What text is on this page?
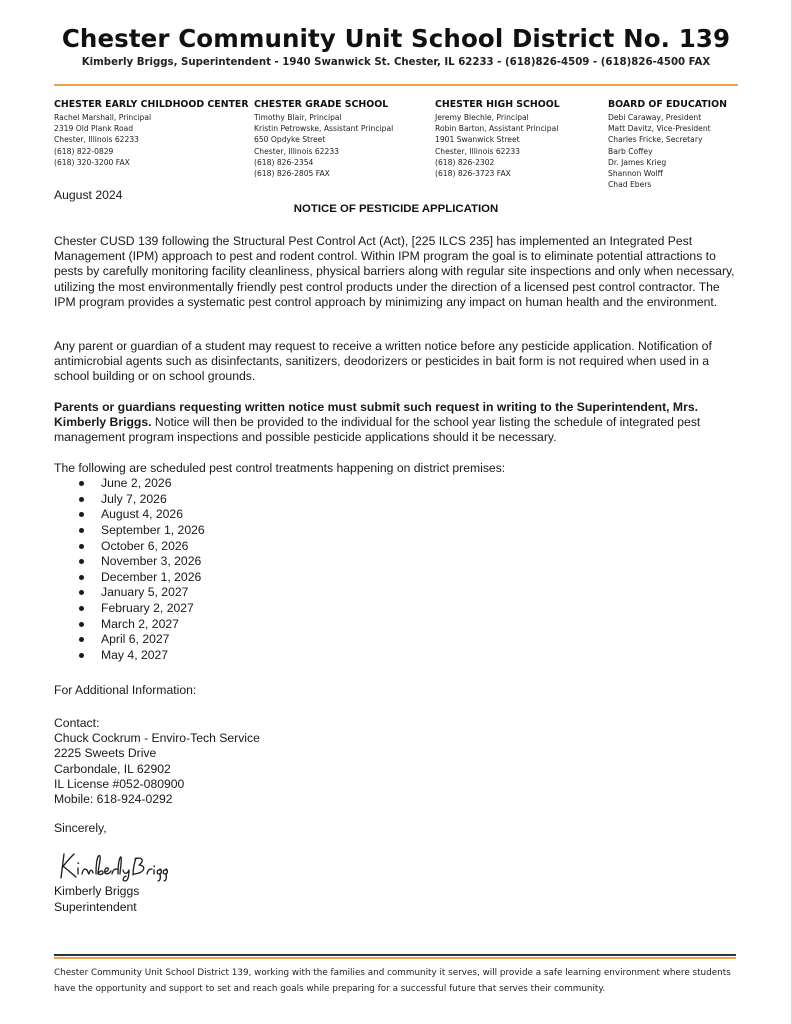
Chester Community Unit School District No. 139
Kimberly Briggs, Superintendent - 1940 Swanwick St. Chester, IL 62233 - (618)826-4509 - (618)826-4500 FAX
CHESTER EARLY CHILDHOOD CENTER
Rachel Marshall, Principal
2319 Old Plank Road
Chester, Illinois 62233
(618) 822-0829
(618) 320-3200 FAX
CHESTER GRADE SCHOOL
Timothy Blair, Principal
Kristin Petrowske, Assistant Principal
650 Opdyke Street
Chester, Illinois 62233
(618) 826-2354
(618) 826-2805 FAX
CHESTER HIGH SCHOOL
Jeremy Blechle, Principal
Robin Barton, Assistant Principal
1901 Swanwick Street
Chester, Illinois 62233
(618) 826-2302
(618) 826-3723 FAX
BOARD OF EDUCATION
Debi Caraway, President
Matt Davitz, Vice-President
Charles Fricke, Secretary
Barb Coffey
Dr. James Krieg
Shannon Wolff
Chad Ebers
August 2024
NOTICE OF PESTICIDE APPLICATION
Chester CUSD 139 following the Structural Pest Control Act (Act), [225 ILCS 235] has implemented an Integrated Pest Management (IPM) approach to pest and rodent control. Within IPM program the goal is to eliminate potential attractions to pests by carefully monitoring facility cleanliness, physical barriers along with regular site inspections and only when necessary, utilizing the most environmentally friendly pest control products under the direction of a licensed pest control contractor. The IPM program provides a systematic pest control approach by minimizing any impact on human health and the environment.
Any parent or guardian of a student may request to receive a written notice before any pesticide application. Notification of antimicrobial agents such as disinfectants, sanitizers, deodorizers or pesticides in bait form is not required when used in a school building or on school grounds.
Parents or guardians requesting written notice must submit such request in writing to the Superintendent, Mrs. Kimberly Briggs. Notice will then be provided to the individual for the school year listing the schedule of integrated pest management program inspections and possible pesticide applications should it be necessary.
The following are scheduled pest control treatments happening on district premises:
June 2, 2026
July 7, 2026
August 4, 2026
September 1, 2026
October 6, 2026
November 3, 2026
December 1, 2026
January 5, 2027
February 2, 2027
March 2, 2027
April 6, 2027
May 4, 2027
For Additional Information:
Contact:
Chuck Cockrum - Enviro-Tech Service
2225 Sweets Drive
Carbondale, IL 62902
IL License #052-080900
Mobile: 618-924-0292
Sincerely,
Kimberly Briggs
Superintendent
Chester Community Unit School District 139, working with the families and community it serves, will provide a safe learning environment where students have the opportunity and support to set and reach goals while preparing for a successful future that serves their community.
